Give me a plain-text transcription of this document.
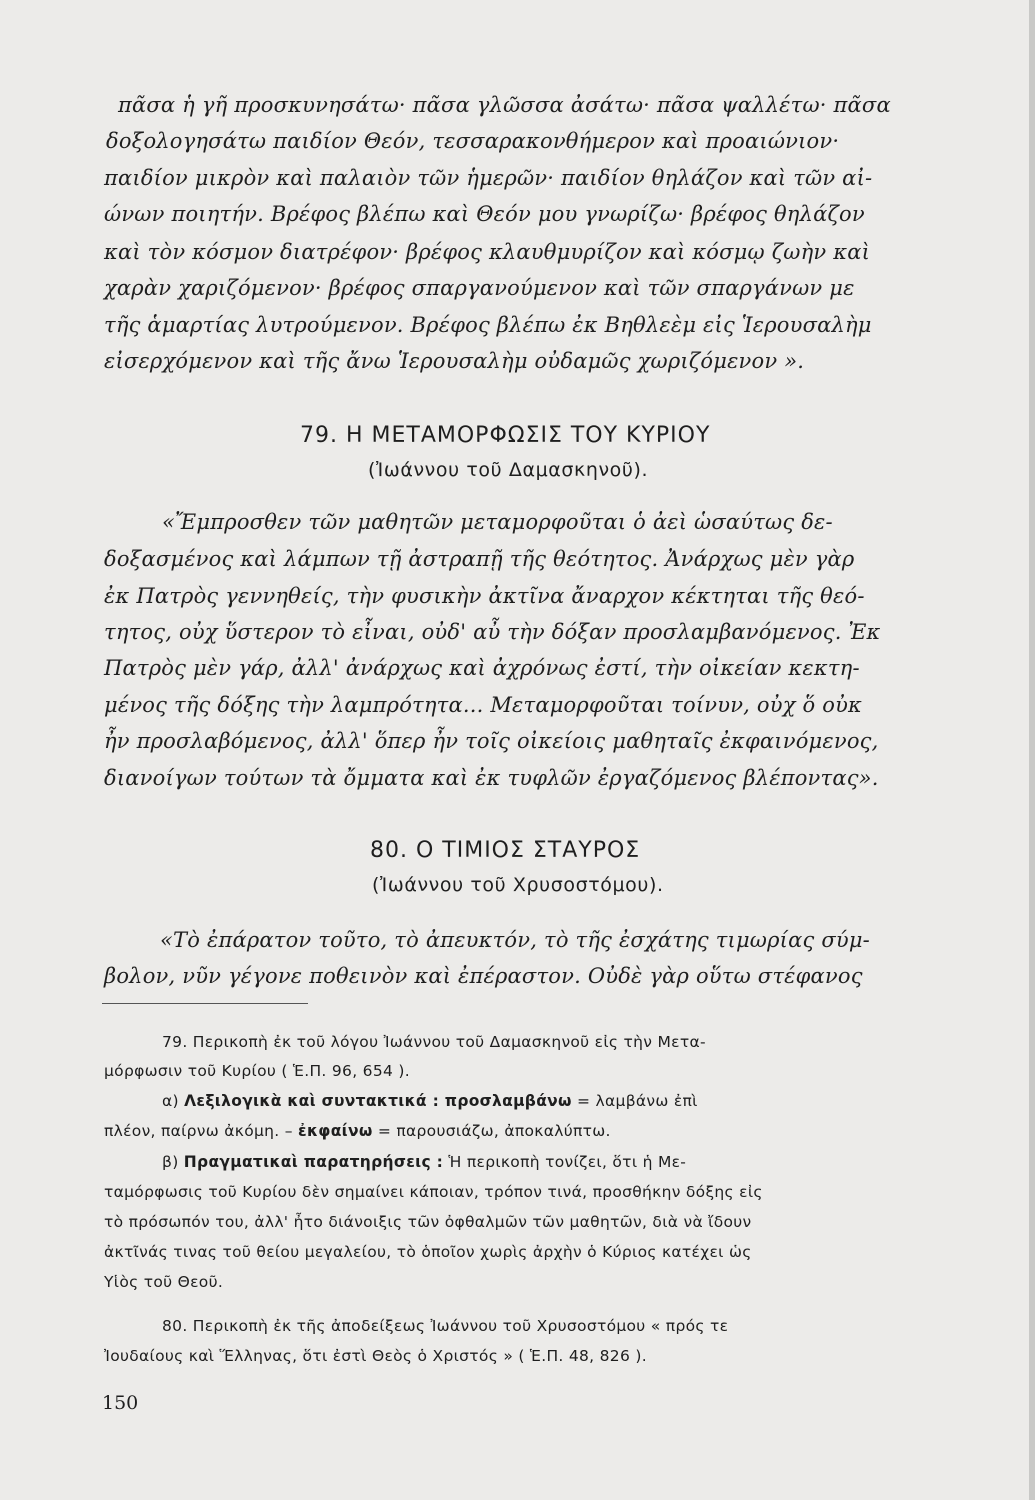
πᾶσα ἡ γῆ προσκυνησάτω· πᾶσα γλῶσσα ἀσάτω· πᾶσα ψαλλέτω· πᾶσα
δοξολογησάτω παιδίον Θεόν, τεσσαρακονθήμερον καὶ προαιώνιον·
παιδίον μικρὸν καὶ παλαιὸν τῶν ἡμερῶν· παιδίον θηλάζον καὶ τῶν αἰ-
ώνων ποιητήν. Βρέφος βλέπω καὶ Θεόν μου γνωρίζω· βρέφος θηλάζον
καὶ τὸν κόσμον διατρέφον· βρέφος κλαυθμυρίζον καὶ κόσμῳ ζωὴν καὶ
χαρὰν χαριζόμενον· βρέφος σπαργανούμενον καὶ τῶν σπαργάνων με
τῆς ἁμαρτίας λυτρούμενον. Βρέφος βλέπω ἐκ Βηθλεὲμ εἰς Ἱερουσαλὴμ
εἰσερχόμενον καὶ τῆς ἄνω Ἱερουσαλὴμ οὐδαμῶς χωριζόμενον ».
79. Η ΜΕΤΑΜΟΡΦΩΣΙΣ ΤΟΥ ΚΥΡΙΟΥ
(Ἰωάννου τοῦ Δαμασκηνοῦ).
«Ἔμπροσθεν τῶν μαθητῶν μεταμορφοῦται ὁ ἀεὶ ὡσαύτως δε-
δοξασμένος καὶ λάμπων τῇ ἀστραπῇ τῆς θεότητος. Ἀνάρχως μὲν γὰρ
ἐκ Πατρὸς γεννηθείς, τὴν φυσικὴν ἀκτῖνα ἄναρχον κέκτηται τῆς θεό-
τητος, οὐχ ὕστερον τὸ εἶναι, οὐδ' αὖ τὴν δόξαν προσλαμβανόμενος. Ἐκ
Πατρὸς μὲν γάρ, ἀλλ' ἀνάρχως καὶ ἀχρόνως ἐστί, τὴν οἰκείαν κεκτη-
μένος τῆς δόξης τὴν λαμπρότητα... Μεταμορφοῦται τοίνυν, οὐχ ὅ οὐκ
ἦν προσλαβόμενος, ἀλλ' ὅπερ ἦν τοῖς οἰκείοις μαθηταῖς ἐκφαινόμενος,
διανοίγων τούτων τὰ ὄμματα καὶ ἐκ τυφλῶν ἐργαζόμενος βλέποντας».
80. Ο ΤΙΜΙΟΣ ΣΤΑΥΡΟΣ
(Ἰωάννου τοῦ Χρυσοστόμου).
«Τὸ ἐπάρατον τοῦτο, τὸ ἀπευκτόν, τὸ τῆς ἐσχάτης τιμωρίας σύμ-
βολον, νῦν γέγονε ποθεινὸν καὶ ἐπέραστον. Οὐδὲ γὰρ οὕτω στέφανος
79. Περικοπὴ ἐκ τοῦ λόγου Ἰωάννου τοῦ Δαμασκηνοῦ εἰς τὴν Μετα-
μόρφωσιν τοῦ Κυρίου ( Ἑ.Π. 96, 654 ).
α) Λεξιλογικὰ καὶ συντακτικά : προσλαμβάνω = λαμβάνω ἐπὶ
πλέον, παίρνω ἀκόμη. – ἐκφαίνω = παρουσιάζω, ἀποκαλύπτω.
β) Πραγματικαὶ παρατηρήσεις : Ἡ περικοπὴ τονίζει, ὅτι ἡ Με-
ταμόρφωσις τοῦ Κυρίου δὲν σημαίνει κάποιαν, τρόπον τινά, προσθήκην δόξης εἰς
τὸ πρόσωπόν του, ἀλλ' ἦτο διάνοιξις τῶν ὀφθαλμῶν τῶν μαθητῶν, διὰ νὰ ἴδουν
ἀκτῖνάς τινας τοῦ θείου μεγαλείου, τὸ ὁποῖον χωρὶς ἀρχὴν ὁ Κύριος κατέχει ὡς
Υἱὸς τοῦ Θεοῦ.
80. Περικοπὴ ἐκ τῆς ἀποδείξεως Ἰωάννου τοῦ Χρυσοστόμου « πρός τε
Ἰουδαίους καὶ Ἕλληνας, ὅτι ἐστὶ Θεὸς ὁ Χριστός » ( Ἑ.Π. 48, 826 ).
150
